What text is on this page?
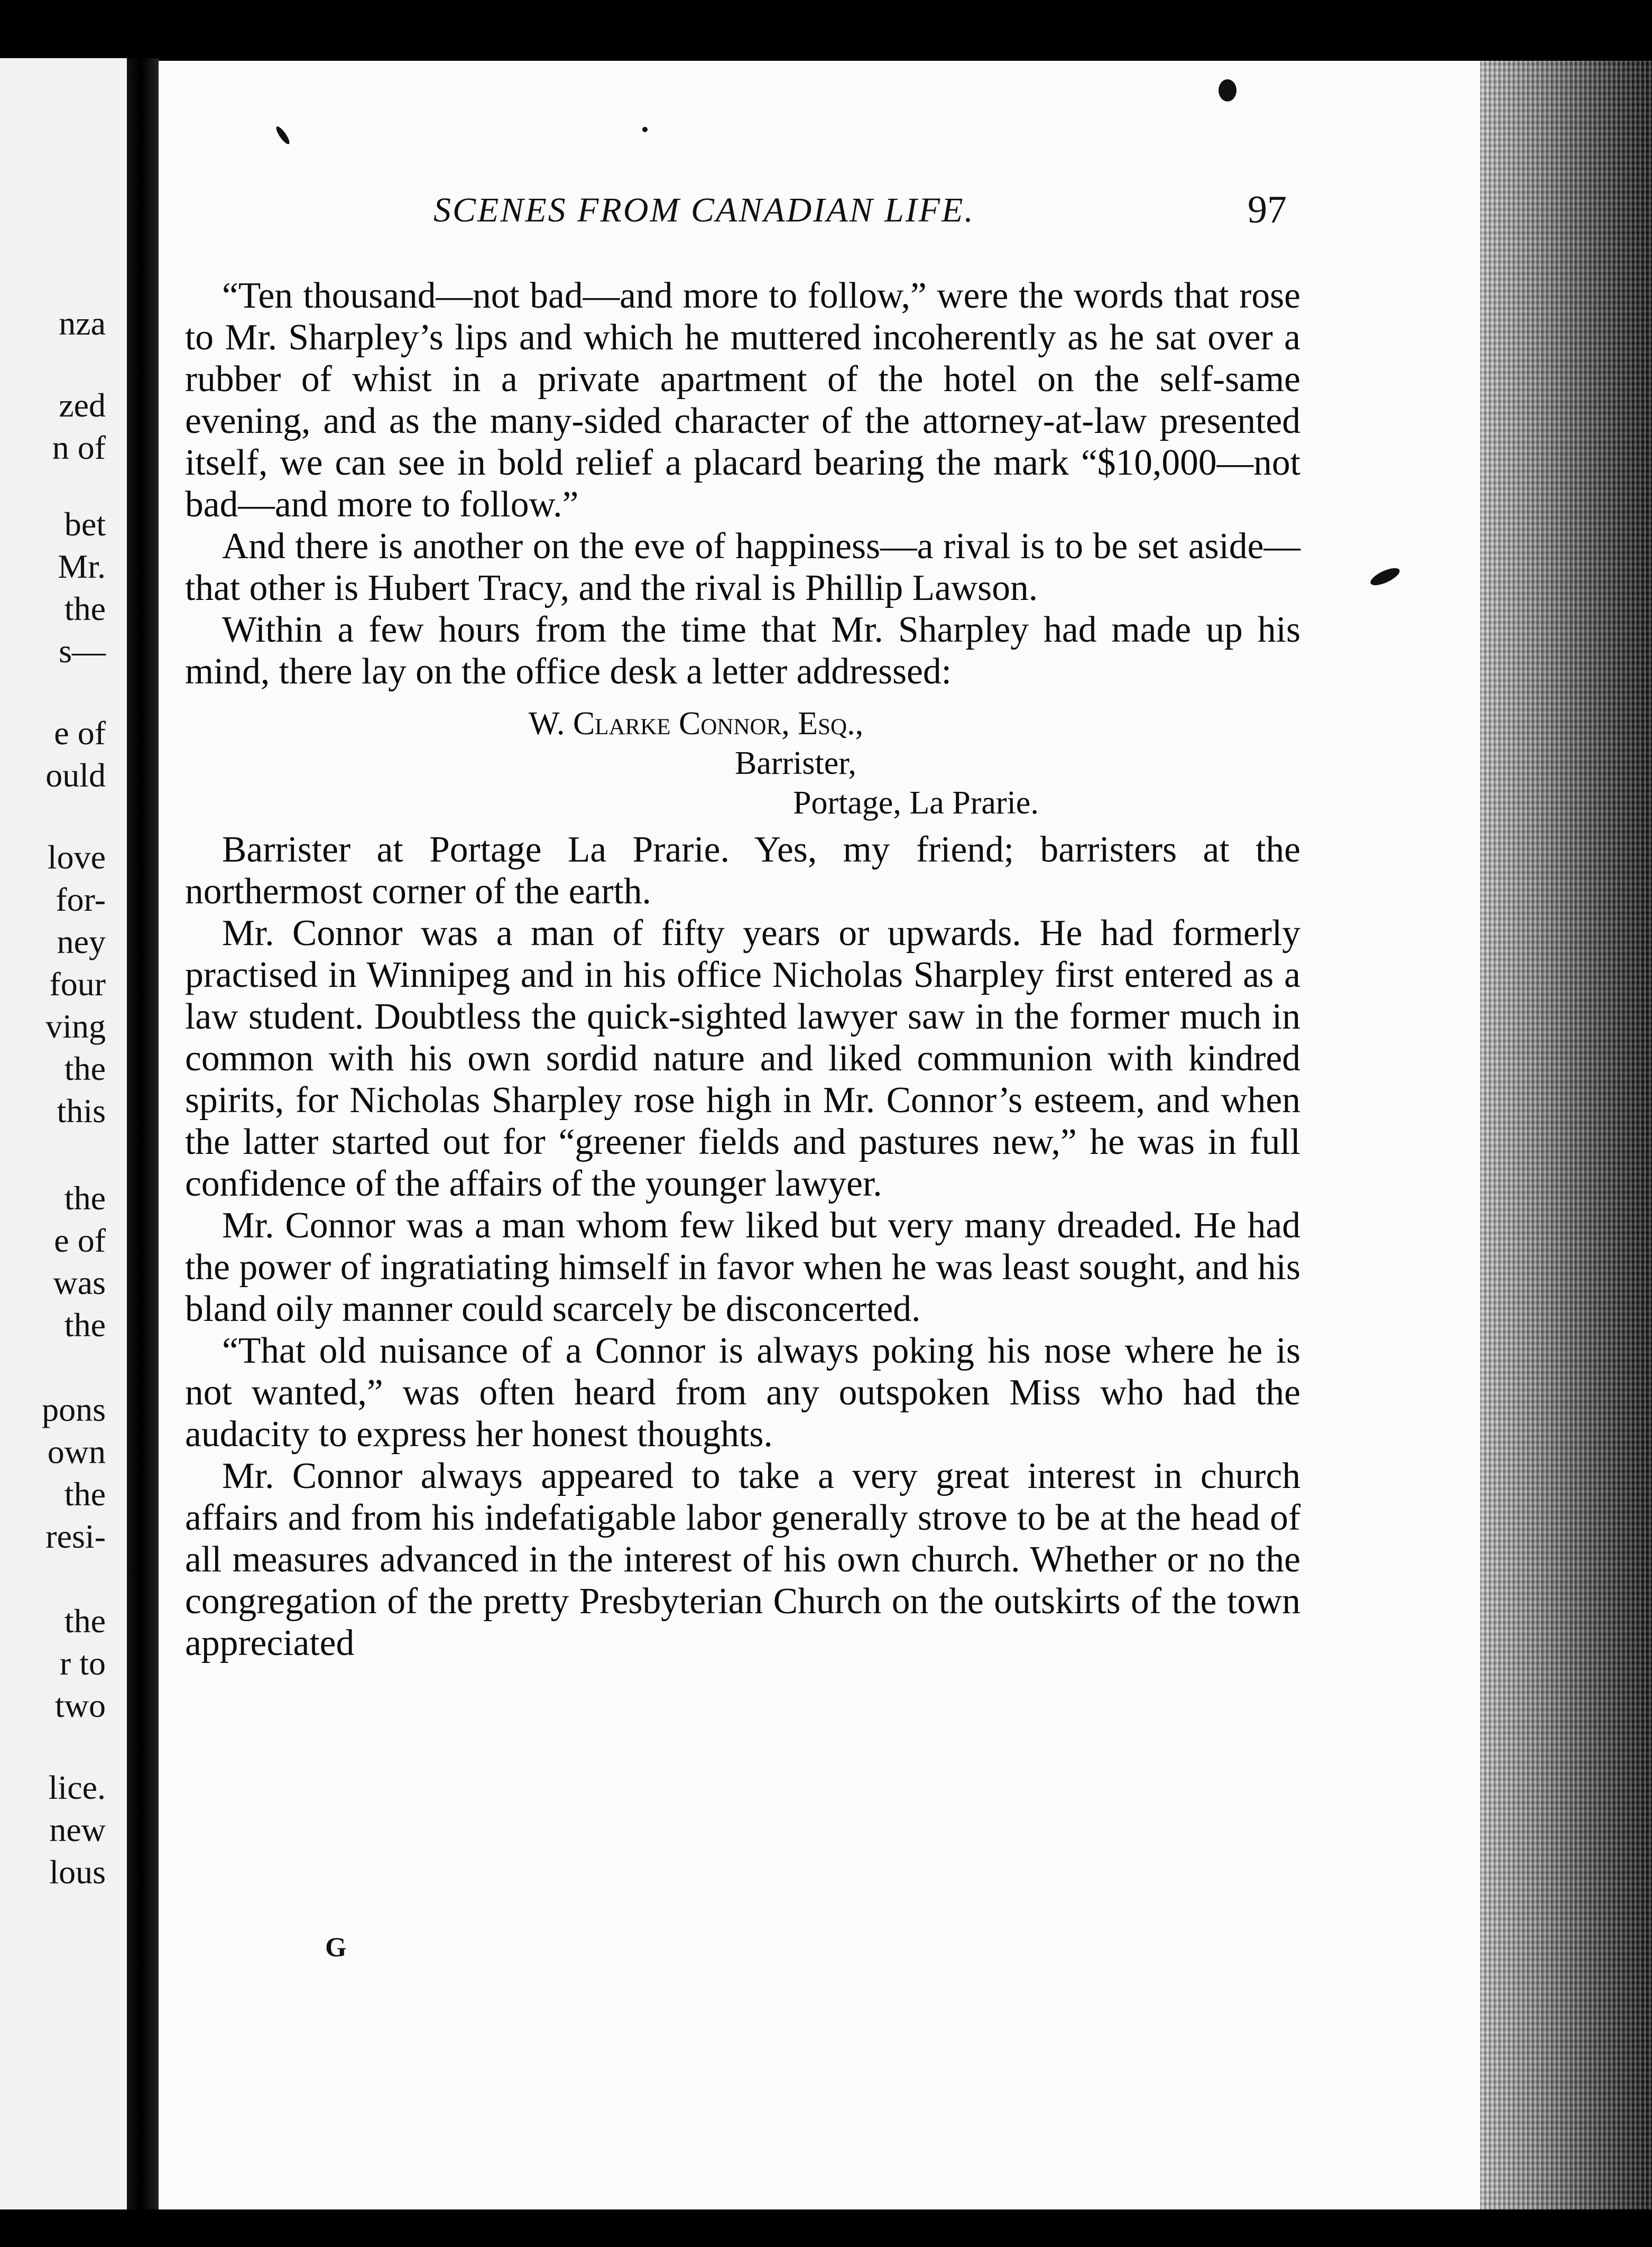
nza
zed
n of
bet
Mr.
the
s—
e of
ould
love
for-
ney
four
ving
the
this
the
e of
was
the
pons
own
the
resi-
the
r to
two
lice.
new
lous
SCENES FROM CANADIAN LIFE.	97

“Ten thousand—not bad—and more to follow,” were the words that rose to Mr. Sharpley’s lips and which he muttered incoherently as he sat over a rubber of whist in a private apartment of the hotel on the self-same evening, and as the many-sided character of the attorney-at-law presented itself, we can see in bold relief a placard bearing the mark “$10,000—not bad—and more to follow.”

And there is another on the eve of happiness—a rival is to be set aside—that other is Hubert Tracy, and the rival is Phillip Lawson.

Within a few hours from the time that Mr. Sharpley had made up his mind, there lay on the office desk a letter addressed:

W. Clarke Connor, Esq.,
Barrister,
Portage, La Prarie.

Barrister at Portage La Prarie. Yes, my friend; barristers at the northermost corner of the earth.

Mr. Connor was a man of fifty years or upwards. He had formerly practised in Winnipeg and in his office Nicholas Sharpley first entered as a law student. Doubtless the quick-sighted lawyer saw in the former much in common with his own sordid nature and liked communion with kindred spirits, for Nicholas Sharpley rose high in Mr. Connor’s esteem, and when the latter started out for “greener fields and pastures new,” he was in full confidence of the affairs of the younger lawyer.

Mr. Connor was a man whom few liked but very many dreaded. He had the power of ingratiating himself in favor when he was least sought, and his bland oily manner could scarcely be disconcerted.

“That old nuisance of a Connor is always poking his nose where he is not wanted,” was often heard from any outspoken Miss who had the audacity to express her honest thoughts.

Mr. Connor always appeared to take a very great interest in church affairs and from his indefatigable labor generally strove to be at the head of all measures advanced in the interest of his own church. Whether or no the congregation of the pretty Presbyterian Church on the outskirts of the town appreciated

G
